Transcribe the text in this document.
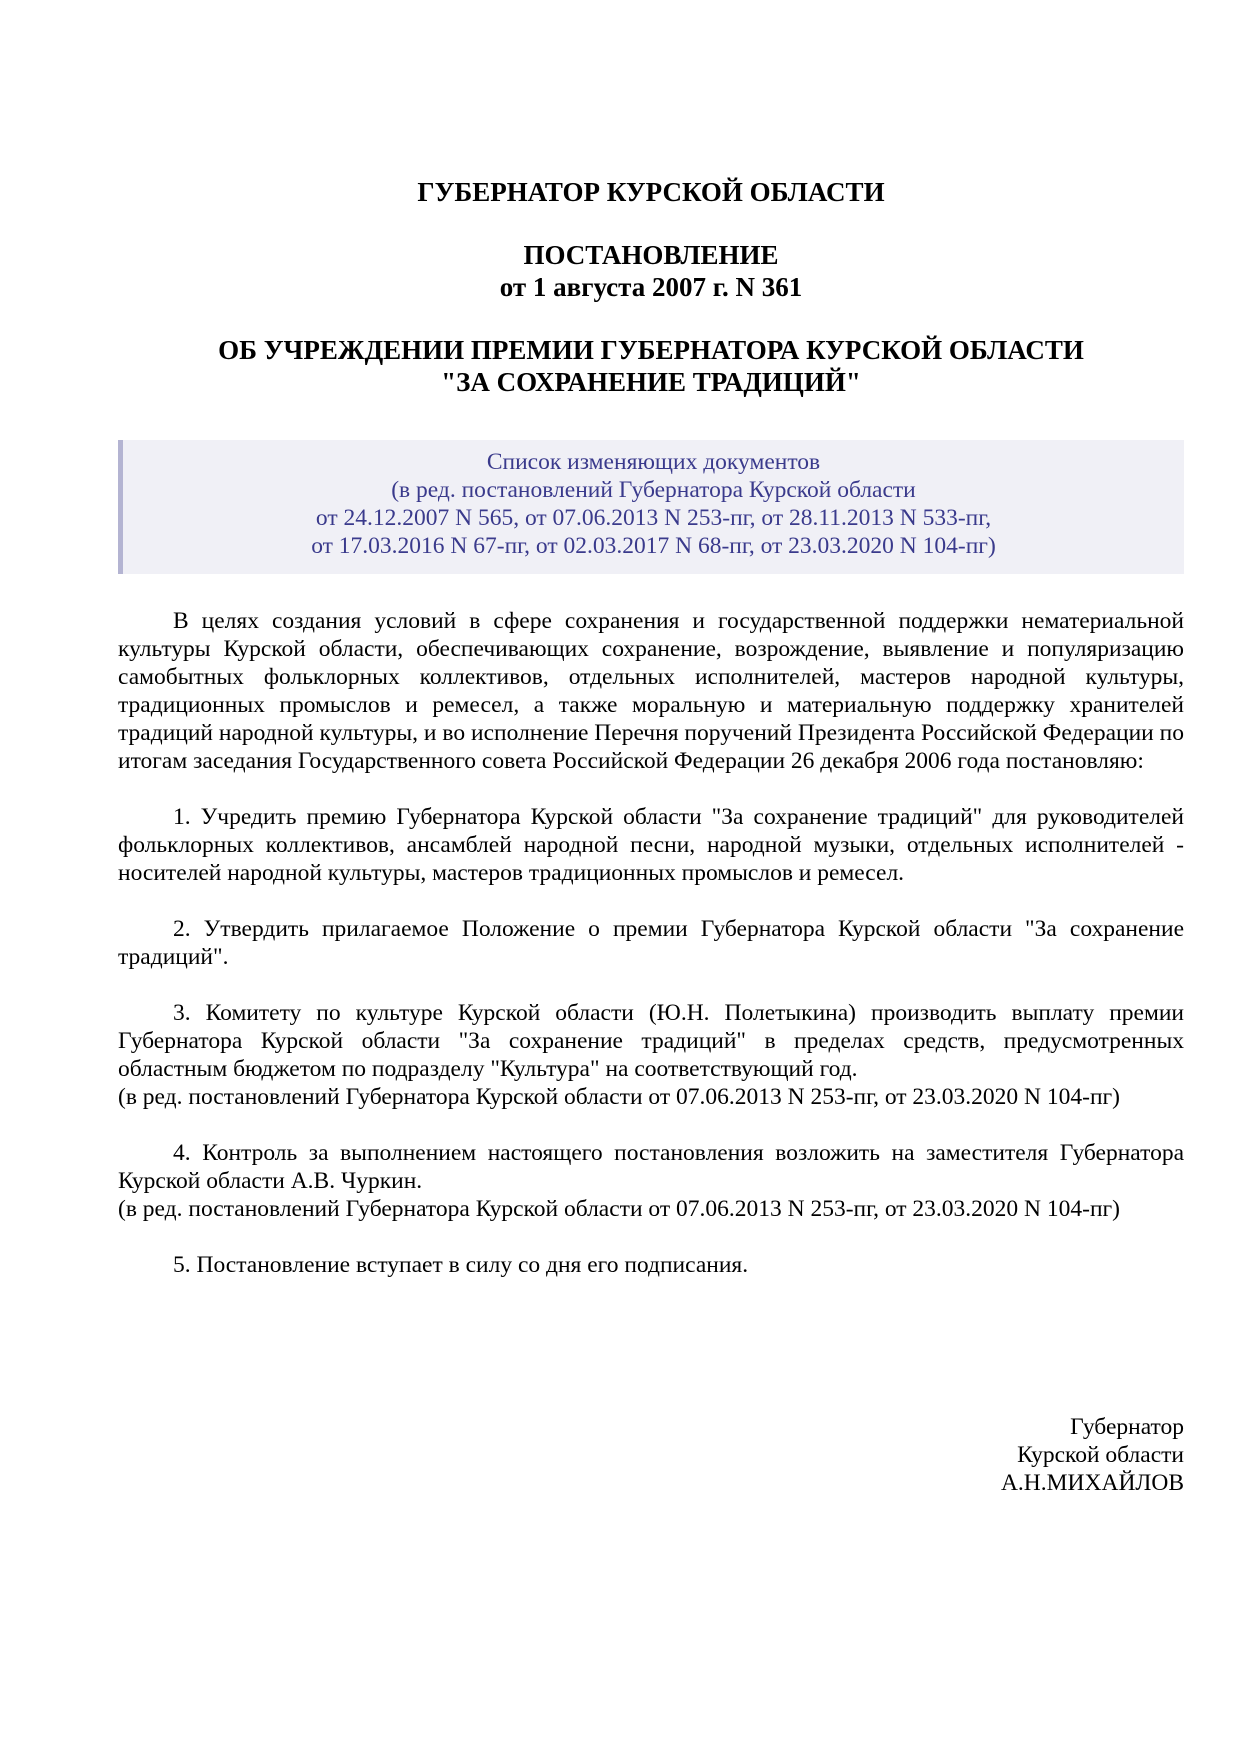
ГУБЕРНАТОР КУРСКОЙ ОБЛАСТИ
ПОСТАНОВЛЕНИЕ
от 1 августа 2007 г. N 361
ОБ УЧРЕЖДЕНИИ ПРЕМИИ ГУБЕРНАТОРА КУРСКОЙ ОБЛАСТИ
"ЗА СОХРАНЕНИЕ ТРАДИЦИЙ"
Список изменяющих документов
(в ред. постановлений Губернатора Курской области
от 24.12.2007 N 565, от 07.06.2013 N 253-пг, от 28.11.2013 N 533-пг,
от 17.03.2016 N 67-пг, от 02.03.2017 N 68-пг, от 23.03.2020 N 104-пг)

В целях создания условий в сфере сохранения и государственной поддержки нематериальной культуры Курской области, обеспечивающих сохранение, возрождение, выявление и популяризацию самобытных фольклорных коллективов, отдельных исполнителей, мастеров народной культуры, традиционных промыслов и ремесел, а также моральную и материальную поддержку хранителей традиций народной культуры, и во исполнение Перечня поручений Президента Российской Федерации по итогам заседания Государственного совета Российской Федерации 26 декабря 2006 года постановляю:

1. Учредить премию Губернатора Курской области "За сохранение традиций" для руководителей фольклорных коллективов, ансамблей народной песни, народной музыки, отдельных исполнителей - носителей народной культуры, мастеров традиционных промыслов и ремесел.

2. Утвердить прилагаемое Положение о премии Губернатора Курской области "За сохранение традиций".

3. Комитету по культуре Курской области (Ю.Н. Полетыкина) производить выплату премии Губернатора Курской области "За сохранение традиций" в пределах средств, предусмотренных областным бюджетом по подразделу "Культура" на соответствующий год.

(в ред. постановлений Губернатора Курской области от 07.06.2013 N 253-пг, от 23.03.2020 N 104-пг)

4. Контроль за выполнением настоящего постановления возложить на заместителя Губернатора Курской области А.В. Чуркин.

(в ред. постановлений Губернатора Курской области от 07.06.2013 N 253-пг, от 23.03.2020 N 104-пг)

5. Постановление вступает в силу со дня его подписания.

Губернатор
Курской области
А.Н.МИХАЙЛОВ
